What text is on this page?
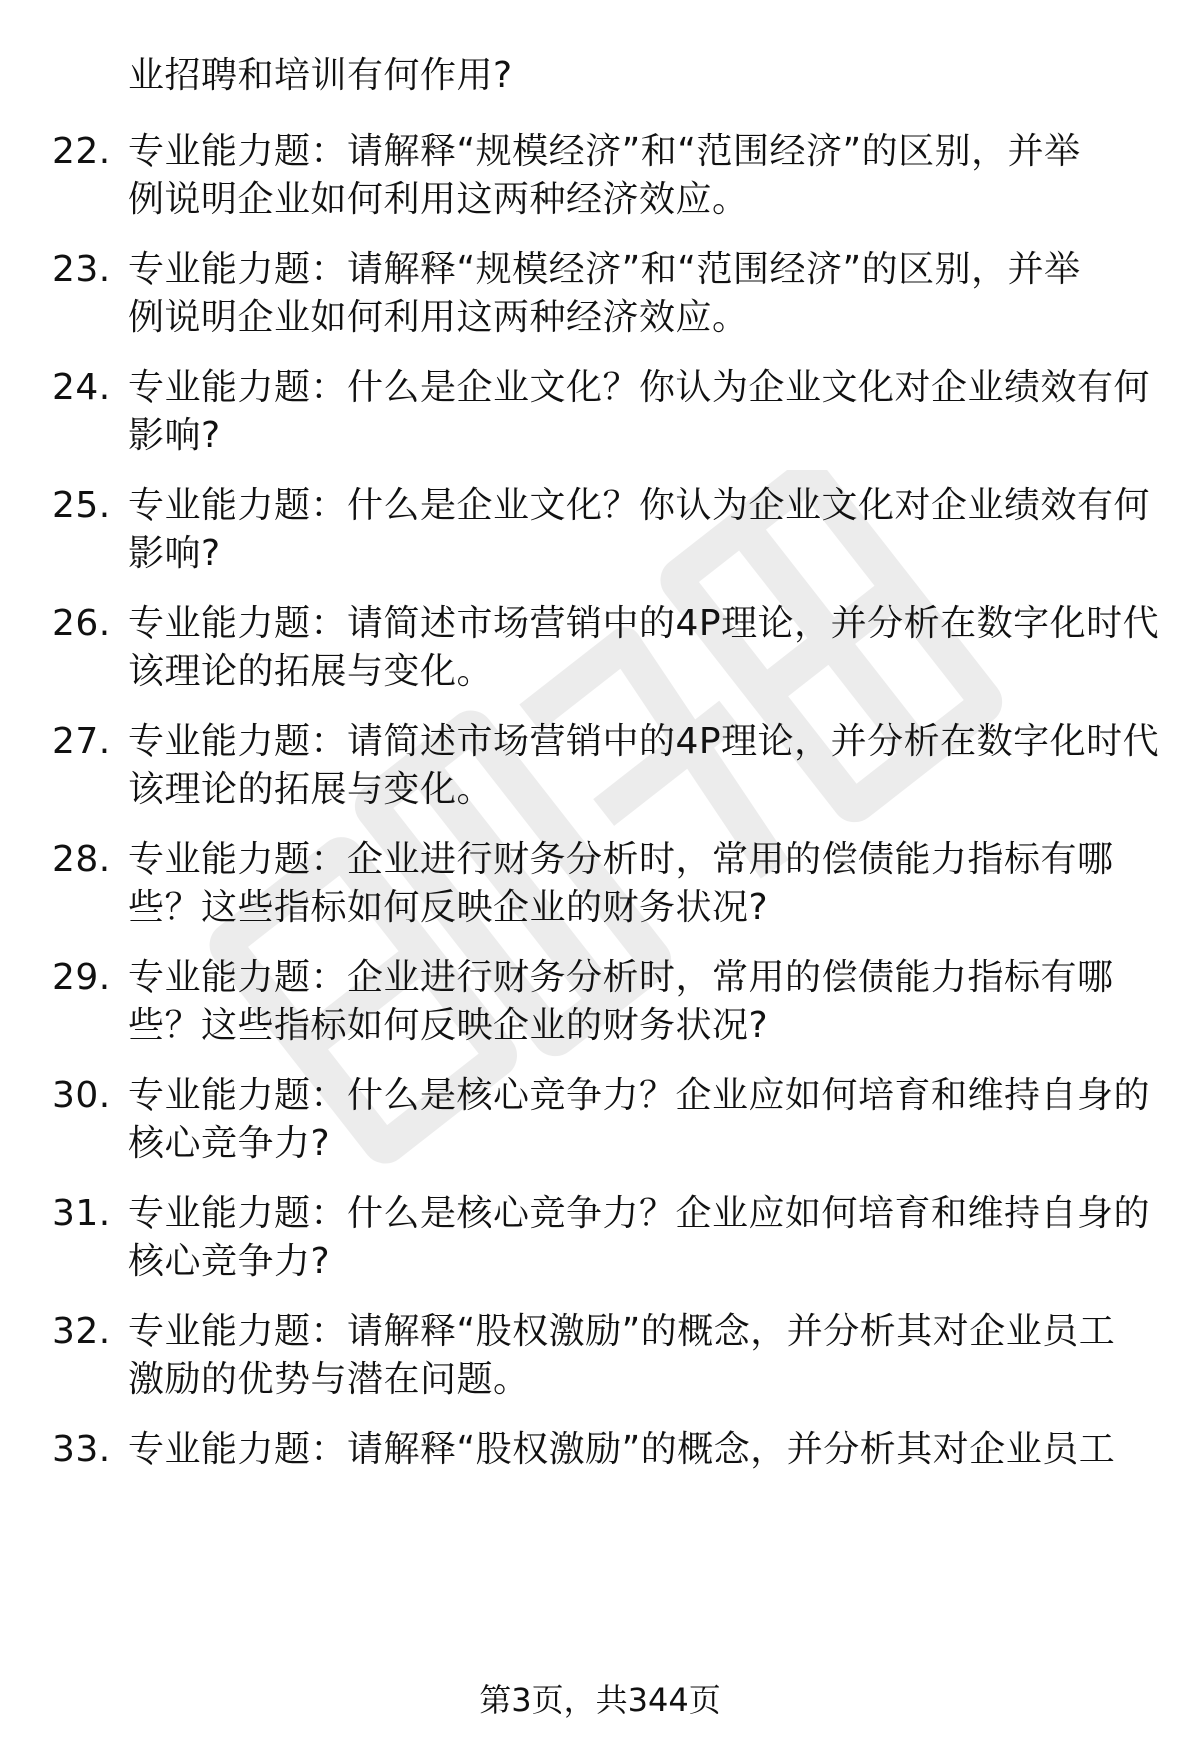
业招聘和培训有何作用?
22. 专业能力题：请解释“规模经济”和“范围经济”的区别，并举
例说明企业如何利用这两种经济效应。
23. 专业能力题：请解释“规模经济”和“范围经济”的区别，并举
例说明企业如何利用这两种经济效应。
24. 专业能力题：什么是企业文化？你认为企业文化对企业绩效有何
影响?
25. 专业能力题：什么是企业文化？你认为企业文化对企业绩效有何
影响?
26. 专业能力题：请简述市场营销中的4P理论，并分析在数字化时代
该理论的拓展与变化。
27. 专业能力题：请简述市场营销中的4P理论，并分析在数字化时代
该理论的拓展与变化。
28. 专业能力题：企业进行财务分析时，常用的偿债能力指标有哪
些？这些指标如何反映企业的财务状况?
29. 专业能力题：企业进行财务分析时，常用的偿债能力指标有哪
些？这些指标如何反映企业的财务状况?
30. 专业能力题：什么是核心竞争力？企业应如何培育和维持自身的
核心竞争力?
31. 专业能力题：什么是核心竞争力？企业应如何培育和维持自身的
核心竞争力?
32. 专业能力题：请解释“股权激励”的概念，并分析其对企业员工
激励的优势与潜在问题。
33. 专业能力题：请解释“股权激励”的概念，并分析其对企业员工
第3页，共344页
